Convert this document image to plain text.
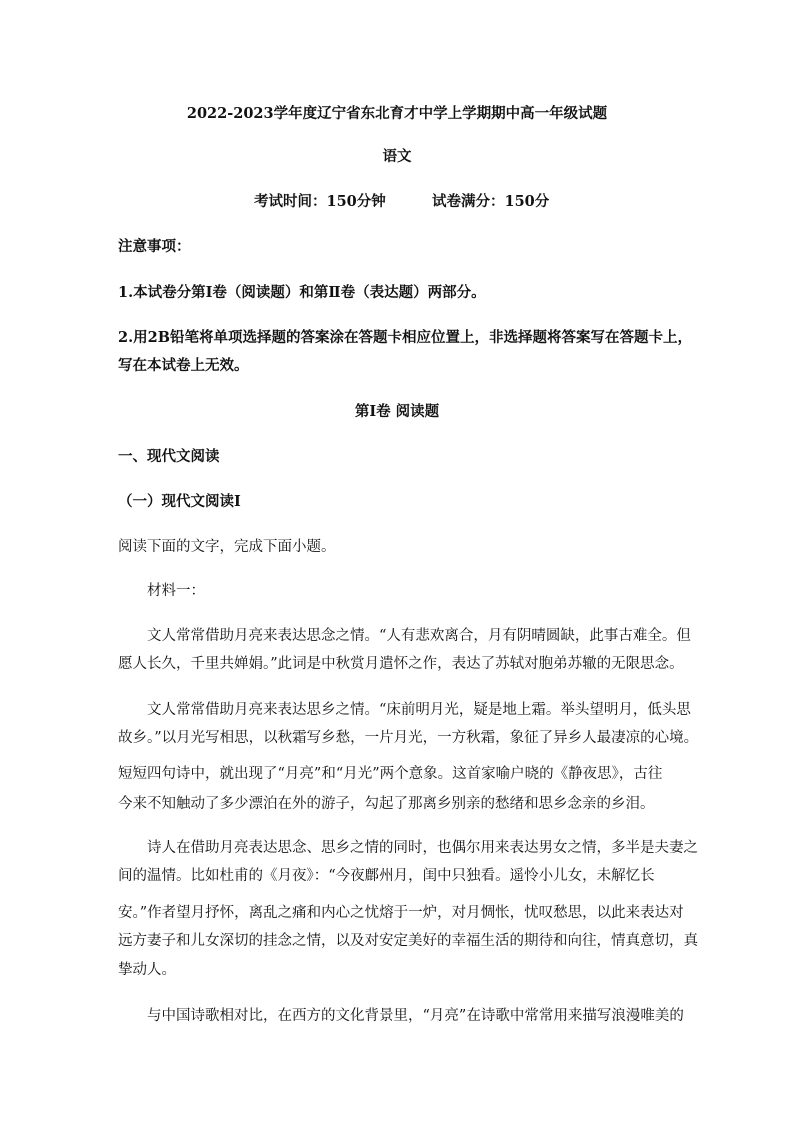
2022-2023学年度辽宁省东北育才中学上学期期中高一年级试题
语文
考试时间：150分钟	试卷满分：150分
注意事项：
1.本试卷分第Ⅰ卷（阅读题）和第Ⅱ卷（表达题）两部分。
2.用2B铅笔将单项选择题的答案涂在答题卡相应位置上，非选择题将答案写在答题卡上，
写在本试卷上无效。
第Ⅰ卷 阅读题
一、现代文阅读
（一）现代文阅读Ⅰ
阅读下面的文字，完成下面小题。
材料一：
文人常常借助月亮来表达思念之情。“人有悲欢离合，月有阴晴圆缺，此事古难全。但
愿人长久，千里共婵娟。”此词是中秋赏月遣怀之作，表达了苏轼对胞弟苏辙的无限思念。
文人常常借助月亮来表达思乡之情。“床前明月光，疑是地上霜。举头望明月，低头思
故乡。”以月光写相思，以秋霜写乡愁，一片月光，一方秋霜，象征了异乡人最凄凉的心境。
短短四句诗中，就出现了“月亮”和“月光”两个意象。这首家喻户晓的《静夜思》，古往
今来不知触动了多少漂泊在外的游子，勾起了那离乡别亲的愁绪和思乡念亲的乡泪。
诗人在借助月亮表达思念、思乡之情的同时，也偶尔用来表达男女之情，多半是夫妻之
间的温情。比如杜甫的《月夜》：“今夜鄜州月，闺中只独看。遥怜小儿女，未解忆长
安。”作者望月抒怀，离乱之痛和内心之忧熔于一炉，对月惆怅，忧叹愁思，以此来表达对
远方妻子和儿女深切的挂念之情，以及对安定美好的幸福生活的期待和向往，情真意切，真
挚动人。
与中国诗歌相对比，在西方的文化背景里，“月亮”在诗歌中常常用来描写浪漫唯美的
